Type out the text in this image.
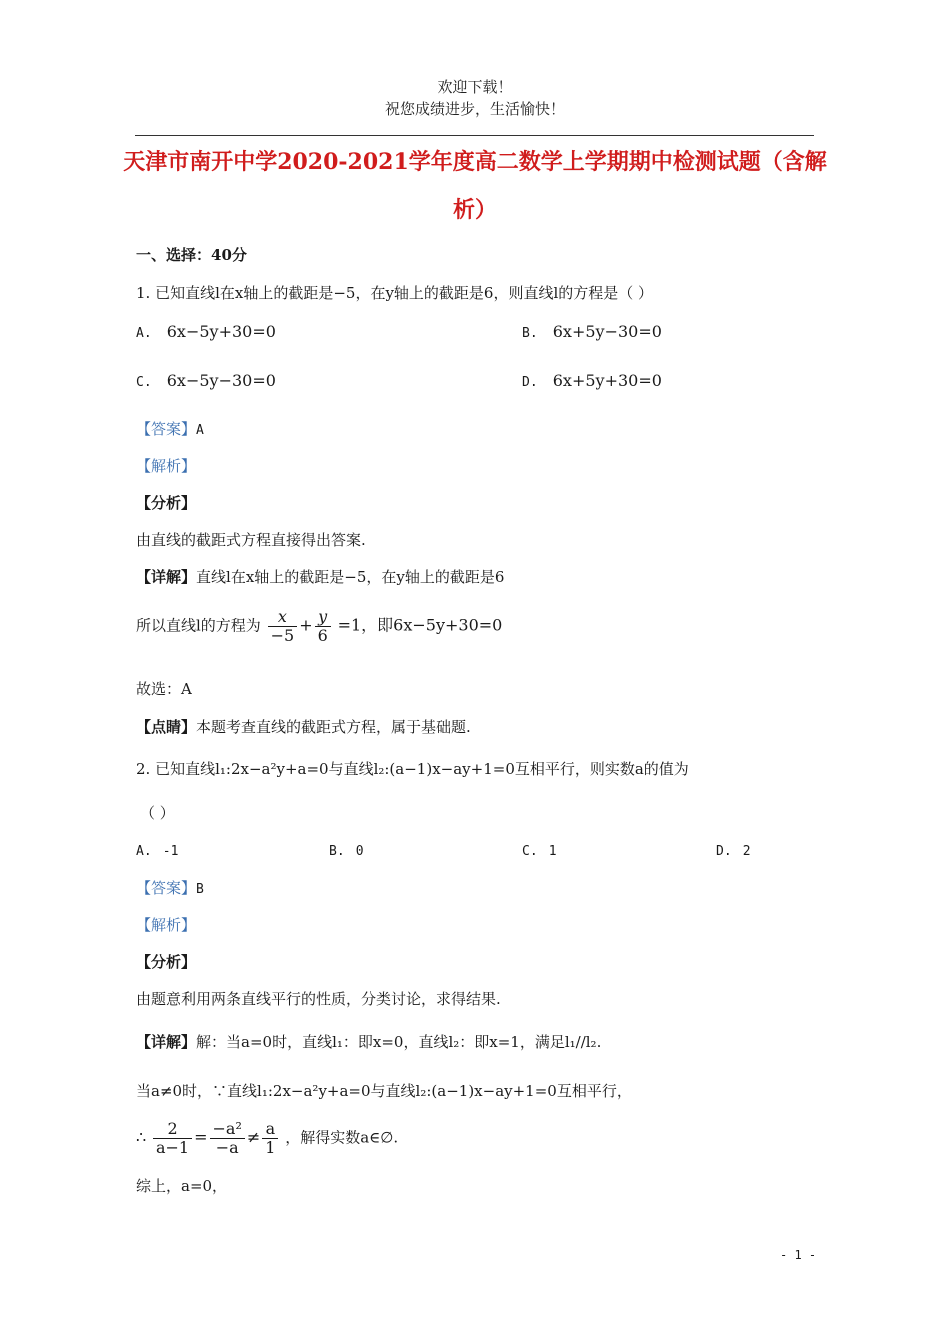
欢迎下载！
祝您成绩进步，生活愉快！
天津市南开中学2020-2021学年度高二数学上学期期中检测试题（含解析）
一、选择：40分
1. 已知直线l在x轴上的截距是−5，在y轴上的截距是6，则直线l的方程是（ ）
A. 6x−5y+30=0	B. 6x+5y−30=0
C. 6x−5y−30=0	D. 6x+5y+30=0
【答案】A
【解析】
【分析】
由直线的截距式方程直接得出答案.
【详解】直线l在x轴上的截距是−5，在y轴上的截距是6
所以直线l的方程为 $\frac{x}{-5} + \frac{y}{6} =1$，即6x−5y+30=0
故选：A
【点睛】本题考查直线的截距式方程，属于基础题.
2. 已知直线l₁:2x−a²y+a=0与直线l₂:(a−1)x−ay+1=0互相平行，则实数a的值为
（ ）
A. -1	B. 0	C. 1	D. 2
【答案】B
【解析】
【分析】
由题意利用两条直线平行的性质，分类讨论，求得结果.
【详解】解：当a=0时，直线l₁：即x=0，直线l₂：即x=1，满足l₁//l₂.
当a≠0时，∵直线l₁:2x−a²y+a=0与直线l₂:(a−1)x−ay+1=0互相平行，
∴ $\frac{2}{a-1} = \frac{\text{−a²}}{-a} \ne \frac{a}{1}$ ，解得实数a∈∅.
综上，a=0，
- 1 -
